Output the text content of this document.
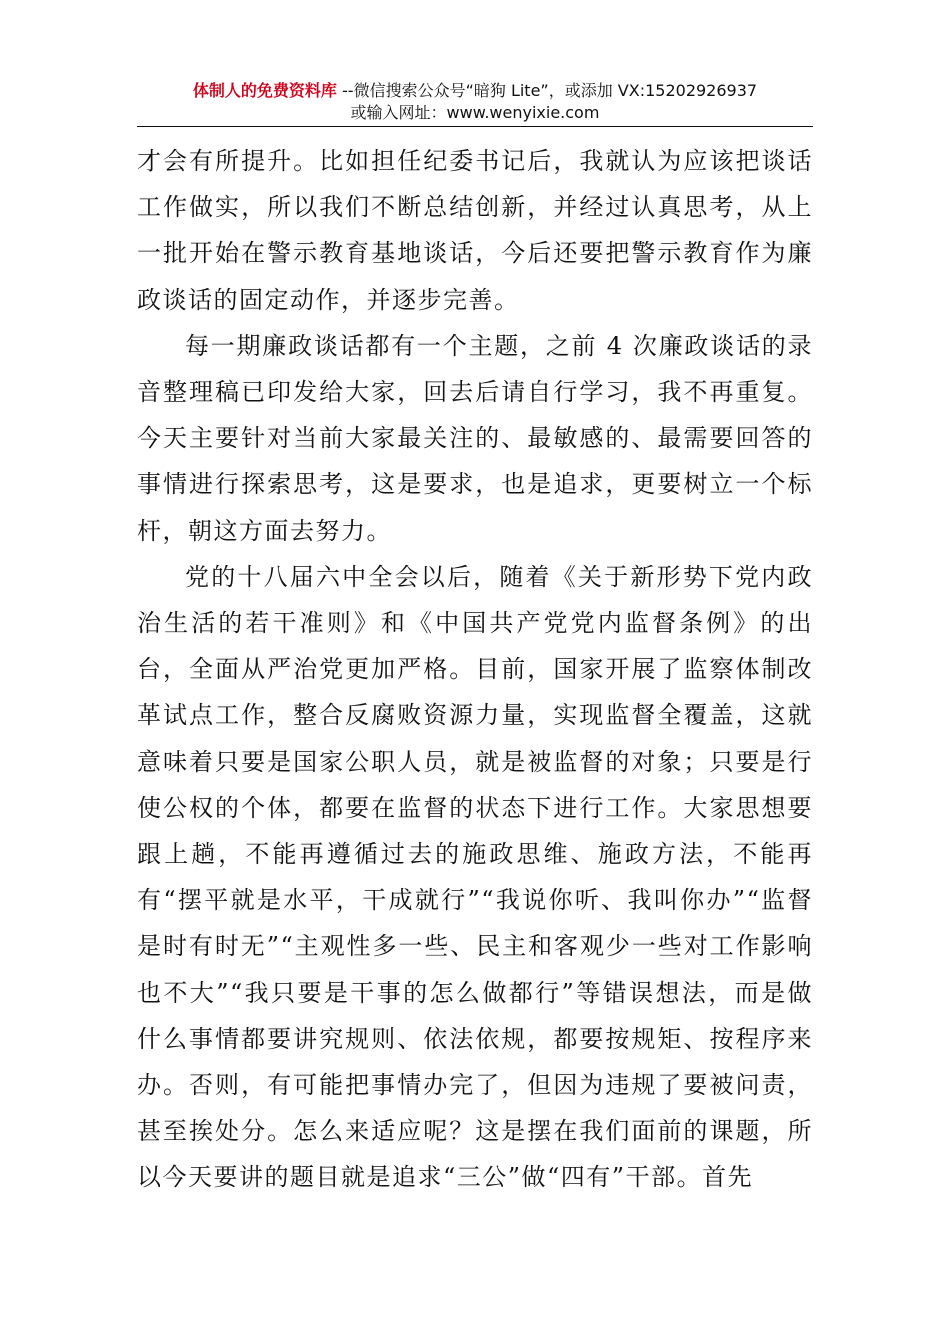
体制人的免费资料库 --微信搜索公众号“暗狗 Lite”，或添加 VX:15202926937
或输入网址：www.wenyixie.com

才会有所提升。比如担任纪委书记后，我就认为应该把谈话工作做实，所以我们不断总结创新，并经过认真思考，从上一批开始在警示教育基地谈话，今后还要把警示教育作为廉政谈话的固定动作，并逐步完善。

每一期廉政谈话都有一个主题，之前 4 次廉政谈话的录音整理稿已印发给大家，回去后请自行学习，我不再重复。今天主要针对当前大家最关注的、最敏感的、最需要回答的事情进行探索思考，这是要求，也是追求，更要树立一个标杆，朝这方面去努力。

党的十八届六中全会以后，随着《关于新形势下党内政治生活的若干准则》和《中国共产党党内监督条例》的出台，全面从严治党更加严格。目前，国家开展了监察体制改革试点工作，整合反腐败资源力量，实现监督全覆盖，这就意味着只要是国家公职人员，就是被监督的对象；只要是行使公权的个体，都要在监督的状态下进行工作。大家思想要跟上趟，不能再遵循过去的施政思维、施政方法，不能再有“摆平就是水平，干成就行”“我说你听、我叫你办”“监督是时有时无”“主观性多一些、民主和客观少一些对工作影响也不大”“我只要是干事的怎么做都行”等错误想法，而是做什么事情都要讲究规则、依法依规，都要按规矩、按程序来办。否则，有可能把事情办完了，但因为违规了要被问责，甚至挨处分。怎么来适应呢？这是摆在我们面前的课题，所以今天要讲的题目就是追求“三公”做“四有”干部。首先
